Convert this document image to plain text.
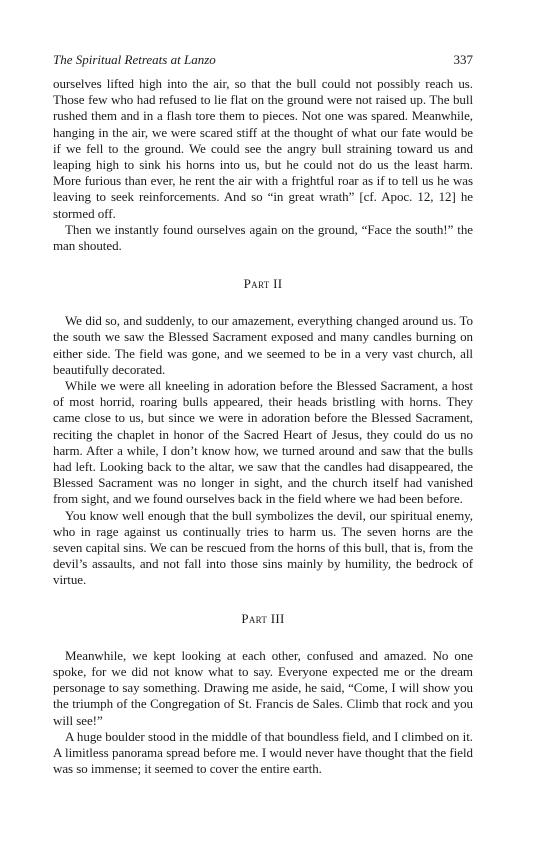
The Spiritual Retreats at Lanzo	337

ourselves lifted high into the air, so that the bull could not possibly reach us. Those few who had refused to lie flat on the ground were not raised up. The bull rushed them and in a flash tore them to pieces. Not one was spared. Meanwhile, hanging in the air, we were scared stiff at the thought of what our fate would be if we fell to the ground. We could see the angry bull straining toward us and leaping high to sink his horns into us, but he could not do us the least harm. More furious than ever, he rent the air with a frightful roar as if to tell us he was leaving to seek reinforcements. And so “in great wrath” [cf. Apoc. 12, 12] he stormed off.

Then we instantly found ourselves again on the ground, “Face the south!” the man shouted.

Part II

We did so, and suddenly, to our amazement, everything changed around us. To the south we saw the Blessed Sacrament exposed and many candles burning on either side. The field was gone, and we seemed to be in a very vast church, all beautifully decorated.

While we were all kneeling in adoration before the Blessed Sacrament, a host of most horrid, roaring bulls appeared, their heads bristling with horns. They came close to us, but since we were in adoration before the Blessed Sacrament, reciting the chaplet in honor of the Sacred Heart of Jesus, they could do us no harm. After a while, I don’t know how, we turned around and saw that the bulls had left. Looking back to the altar, we saw that the candles had disappeared, the Blessed Sacrament was no longer in sight, and the church itself had vanished from sight, and we found ourselves back in the field where we had been before.

You know well enough that the bull symbolizes the devil, our spiritual enemy, who in rage against us continually tries to harm us. The seven horns are the seven capital sins. We can be rescued from the horns of this bull, that is, from the devil’s assaults, and not fall into those sins mainly by humility, the bedrock of virtue.

Part III

Meanwhile, we kept looking at each other, confused and amazed. No one spoke, for we did not know what to say. Everyone expected me or the dream personage to say something. Drawing me aside, he said, “Come, I will show you the triumph of the Congregation of St. Francis de Sales. Climb that rock and you will see!”

A huge boulder stood in the middle of that boundless field, and I climbed on it. A limitless panorama spread before me. I would never have thought that the field was so immense; it seemed to cover the entire earth.
